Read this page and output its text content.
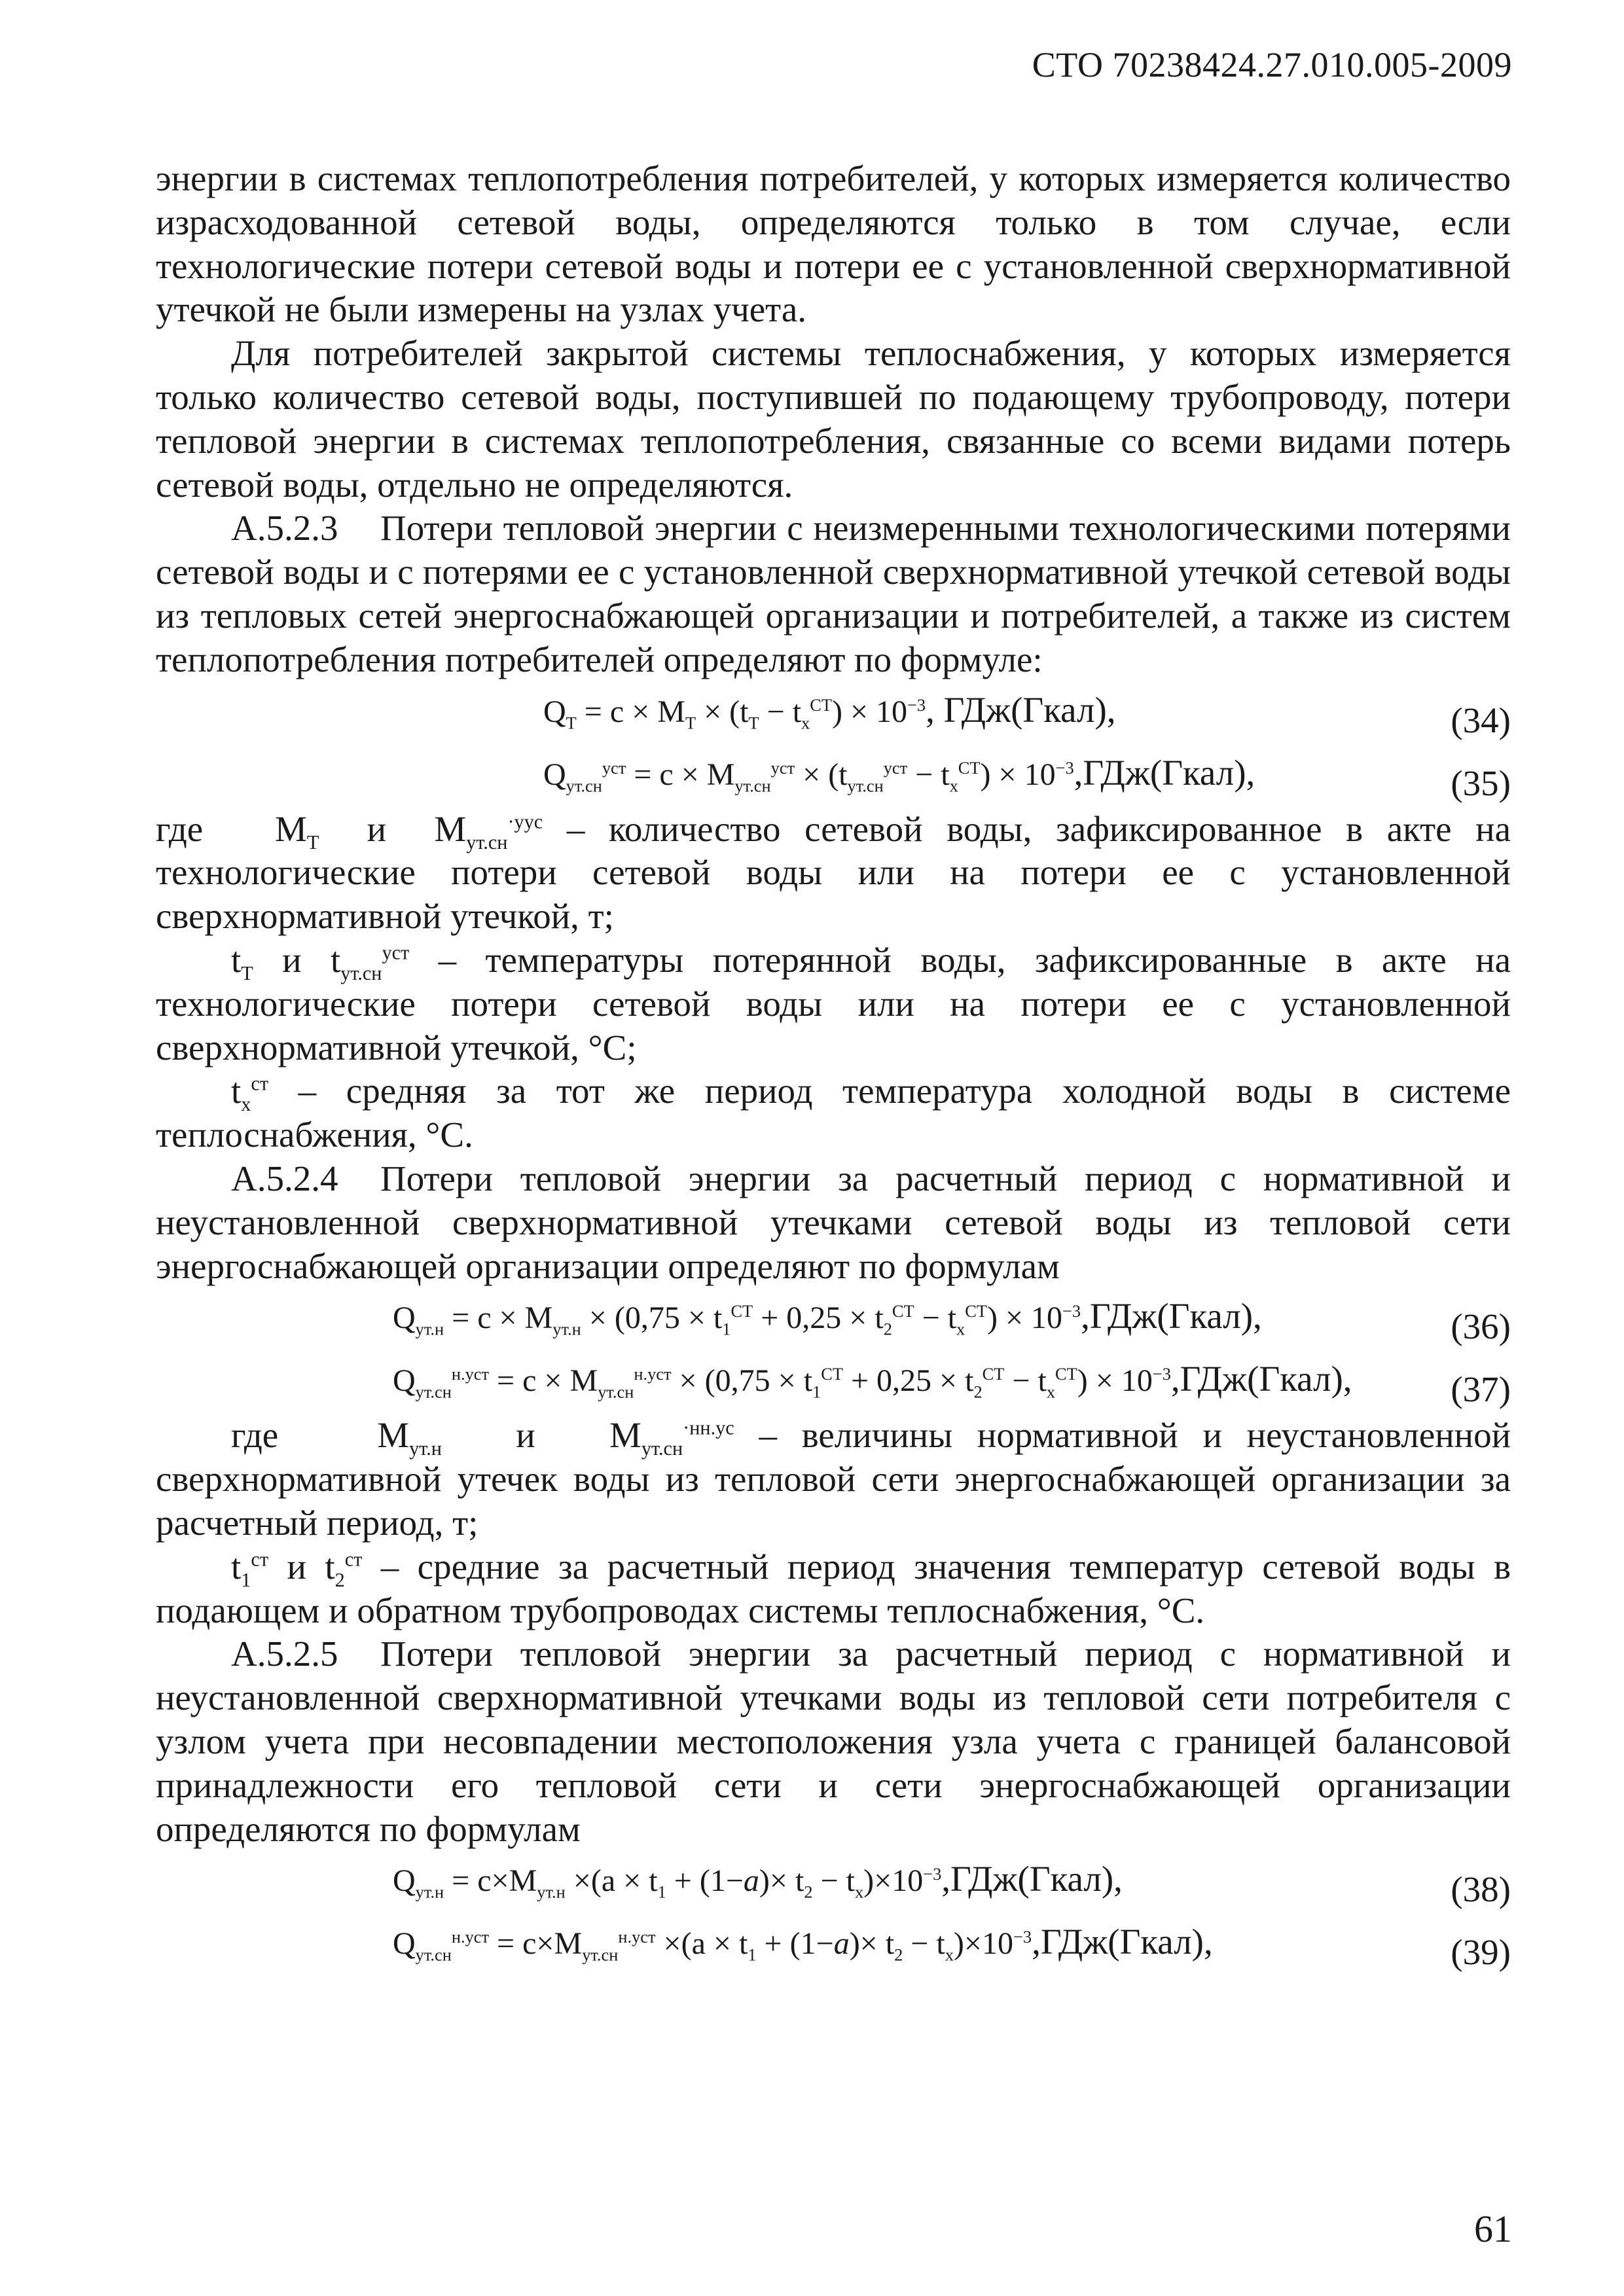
СТО 70238424.27.010.005-2009

энергии в системах теплопотребления потребителей, у которых измеряется количество израсходованной сетевой воды, определяются только в том случае, если технологические потери сетевой воды и потери ее с установленной сверхнормативной утечкой не были измерены на узлах учета.

Для потребителей закрытой системы теплоснабжения, у которых измеряется только количество сетевой воды, поступившей по подающему трубопроводу, потери тепловой энергии в системах теплопотребления, связанные со всеми видами потерь сетевой воды, отдельно не определяются.

А.5.2.3 Потери тепловой энергии с неизмеренными технологическими потерями сетевой воды и с потерями ее с установленной сверхнормативной утечкой сетевой воды из тепловых сетей энергоснабжающей организации и потребителей, а также из систем теплопотребления потребителей определяют по формуле:

$Q_Т = c \times M_Т \times (t_Т - t_х^{СТ}) \times 10^{-3}$, ГДж(Гкал),	(34)
$Q_{ут.сн}^{уст} = c \times M_{ут.сн}^{уст} \times (t_{ут.сн}^{уст} - t_х^{СТ})$ × $10^{-3},ГДж(Гкал)$,	(35)

где $M_Т$ и $M_{ут.сн}^{\cdot уус}$ – количество сетевой воды, зафиксированное в акте на технологические потери сетевой воды или на потери ее с установленной сверхнормативной утечкой, т;

$t_Т$ и $t_{ут.сн}^{уст}$ – температуры потерянной воды, зафиксированные в акте на технологические потери сетевой воды или на потери ее с установленной сверхнормативной утечкой, °С;

$t_х^{ст}$ – средняя за тот же период температура холодной воды в системе теплоснабжения, °С.

А.5.2.4 Потери тепловой энергии за расчетный период с нормативной и неустановленной сверхнормативной утечками сетевой воды из тепловой сети энергоснабжающей организации определяют по формулам

$Q_{ут.н} = c \times M_{ут.н} \times (0,75 \times t_1^{СТ} + 0,25 \times t_2^{СТ} - t_х^{СТ})$ × $10^{-3},ГДж(Гкал)$,	(36)
$Q_{ут.сн}^{н.уст} = c \times M_{ут.сн}^{н.уст} \times (0,75 \times t_1^{СТ} + 0,25 \times t_2^{СТ} - t_х^{СТ})$ × $10^{-3},ГДж(Гкал)$,	(37)

где	$M_{ут.н}$ и $M_{ут.сн}^{\cdot нн.ус}$ – величины нормативной и неустановленной сверхнормативной утечек воды из тепловой сети энергоснабжающей организации за расчетный период, т;

$t_1^{ст}$ и $t_2^{ст}$ – средние за расчетный период значения температур сетевой воды в подающем и обратном трубопроводах системы теплоснабжения, °С.

А.5.2.5 Потери тепловой энергии за расчетный период с нормативной и неустановленной сверхнормативной утечками воды из тепловой сети потребителя с узлом учета при несовпадении местоположения узла учета с границей балансовой принадлежности его тепловой сети и сети энергоснабжающей организации определяются по формулам

$Q_{ут.н} = c\times M_{ут.н} \times(a \times t_1 + (1-a)\times t_2$ − $t_х)\times 10^{-3},ГДж(Гкал)$,	(38)
$Q_{ут.сн}^{н.уст} = c\times M_{ут.сн}^{н.уст} \times(a \times t_1 + (1-a)\times t_2$ − $t_х)\times 10^{-3},ГДж(Гкал)$,	(39)
61
